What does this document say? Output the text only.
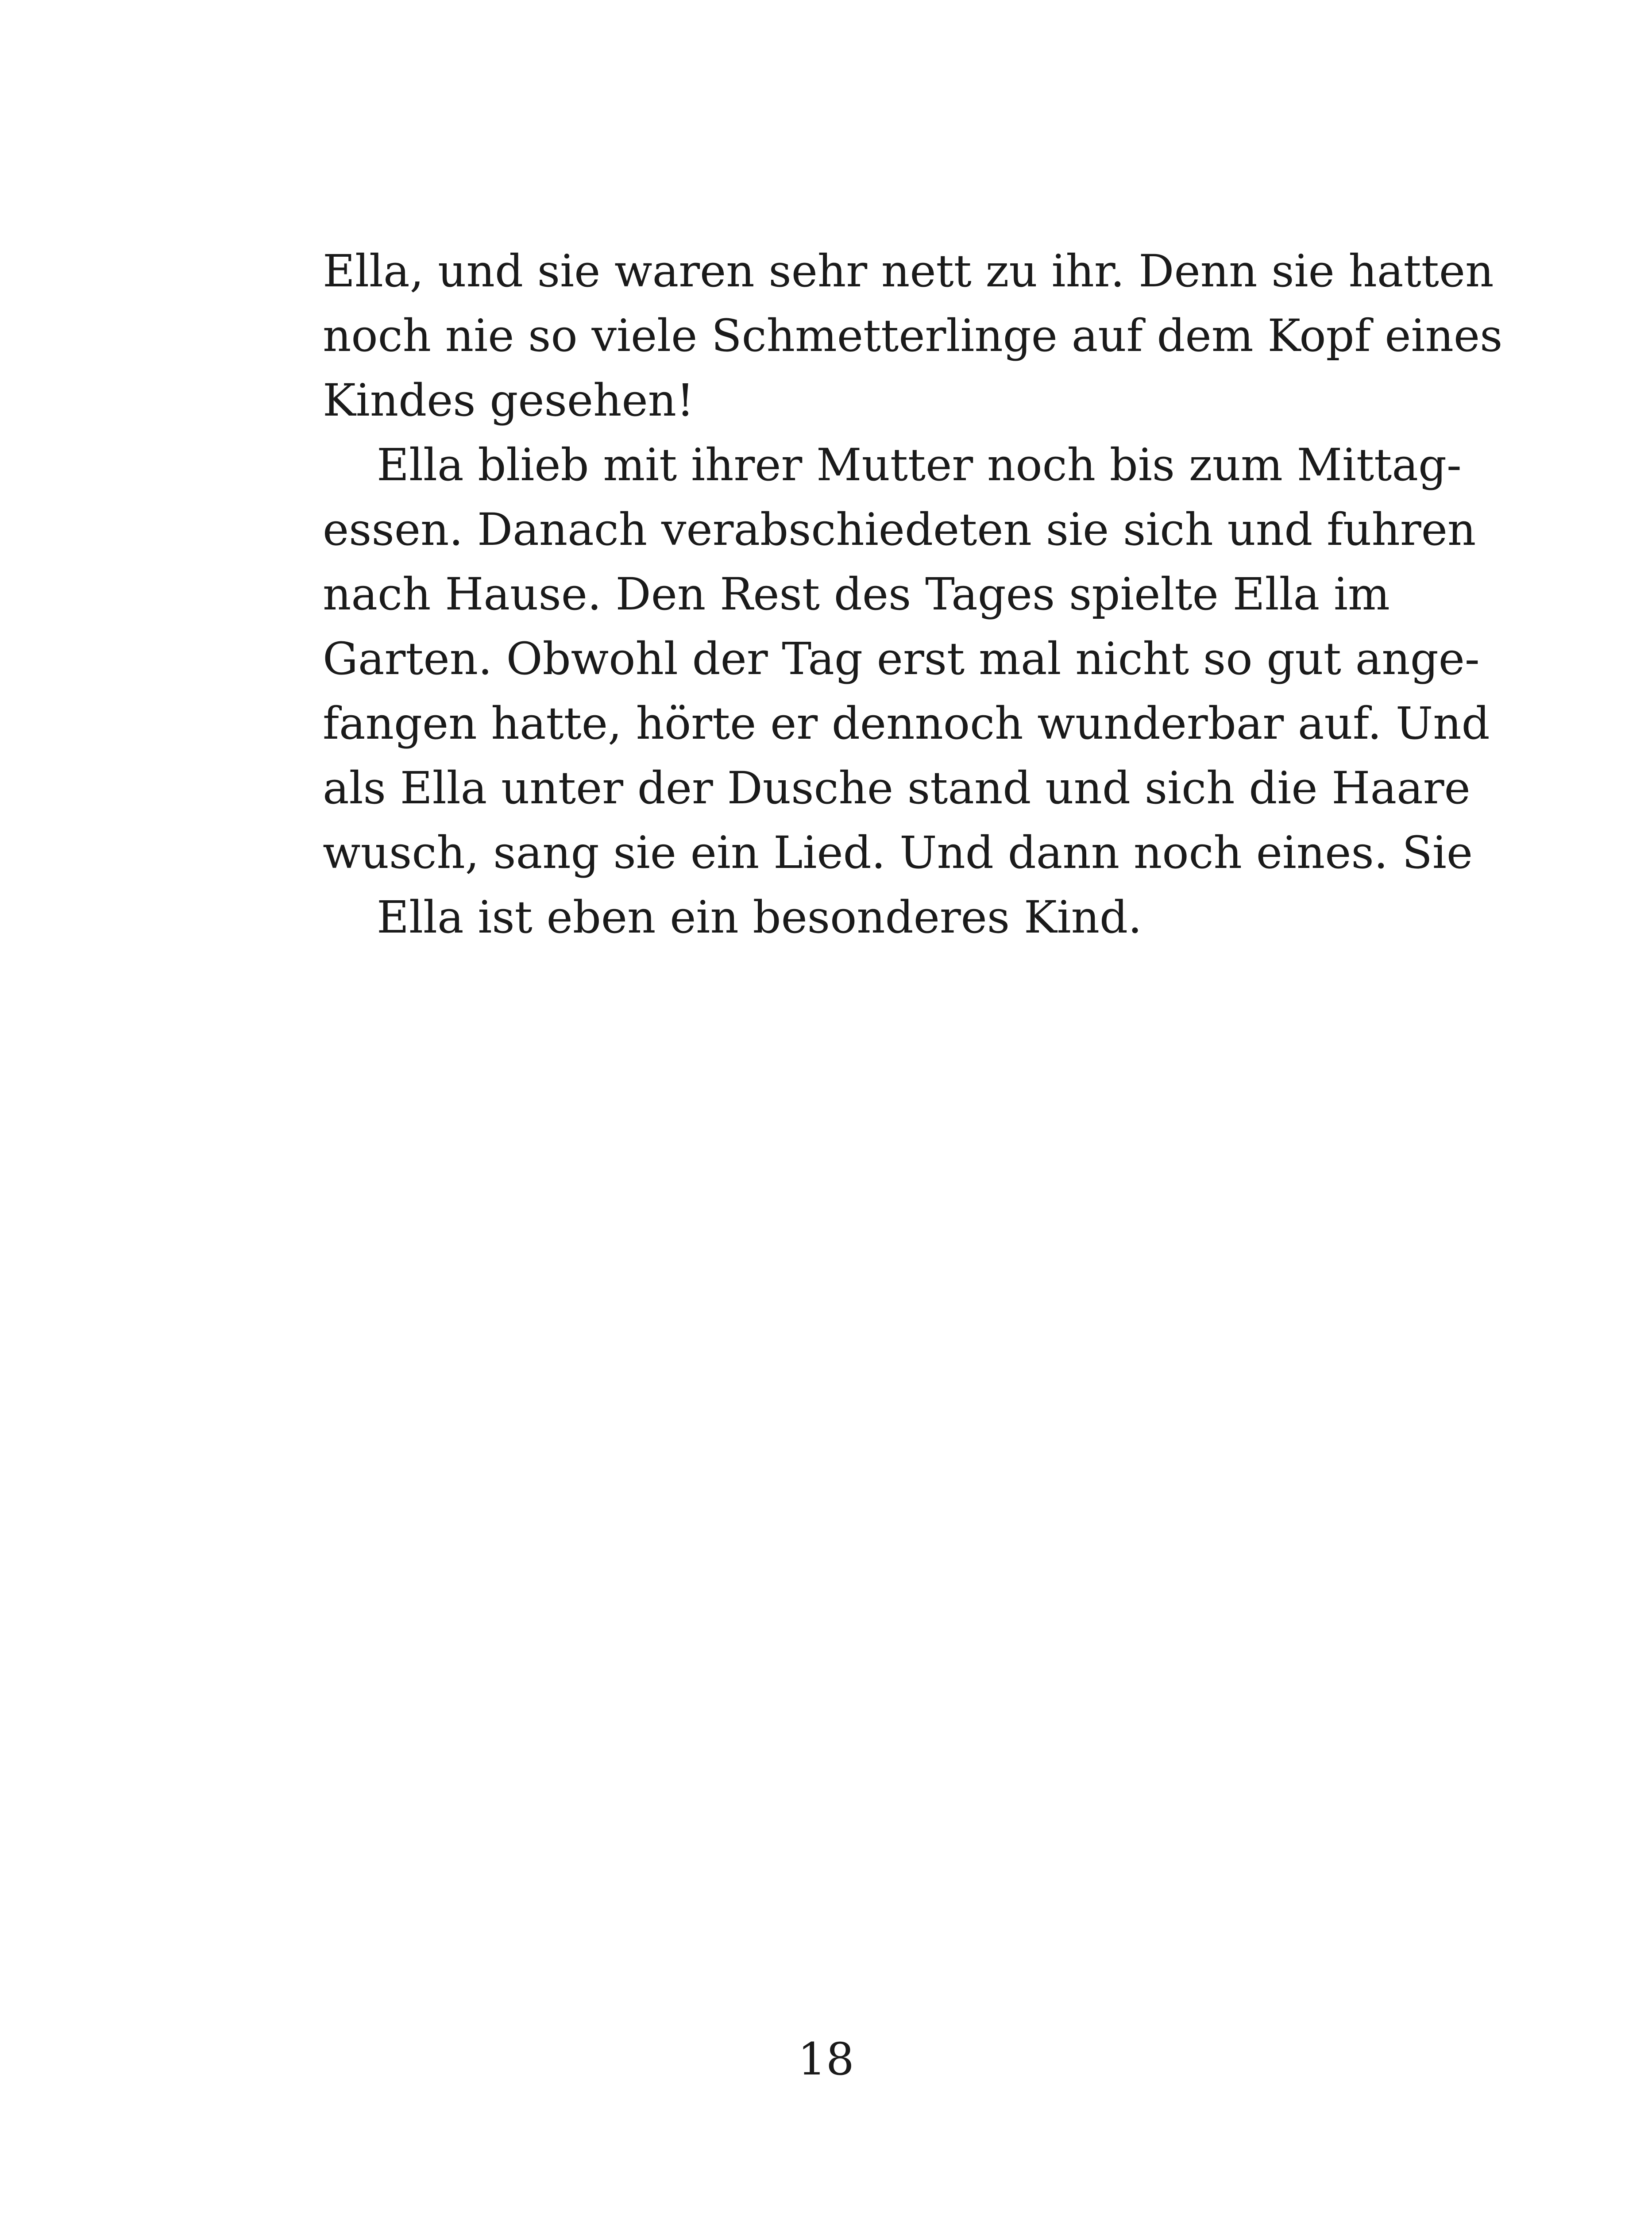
Ella, und sie waren sehr nett zu ihr. Denn sie hatten
noch nie so viele Schmetterlinge auf dem Kopf eines
Kindes gesehen!
Ella blieb mit ihrer Mutter noch bis zum Mittag-
essen. Danach verabschiedeten sie sich und fuhren
nach Hause. Den Rest des Tages spielte Ella im
Garten. Obwohl der Tag erst mal nicht so gut ange-
fangen hatte, hörte er dennoch wunderbar auf. Und
als Ella unter der Dusche stand und sich die Haare
wusch, sang sie ein Lied. Und dann noch eines. Sie
Ella ist eben ein besonderes Kind.
18
